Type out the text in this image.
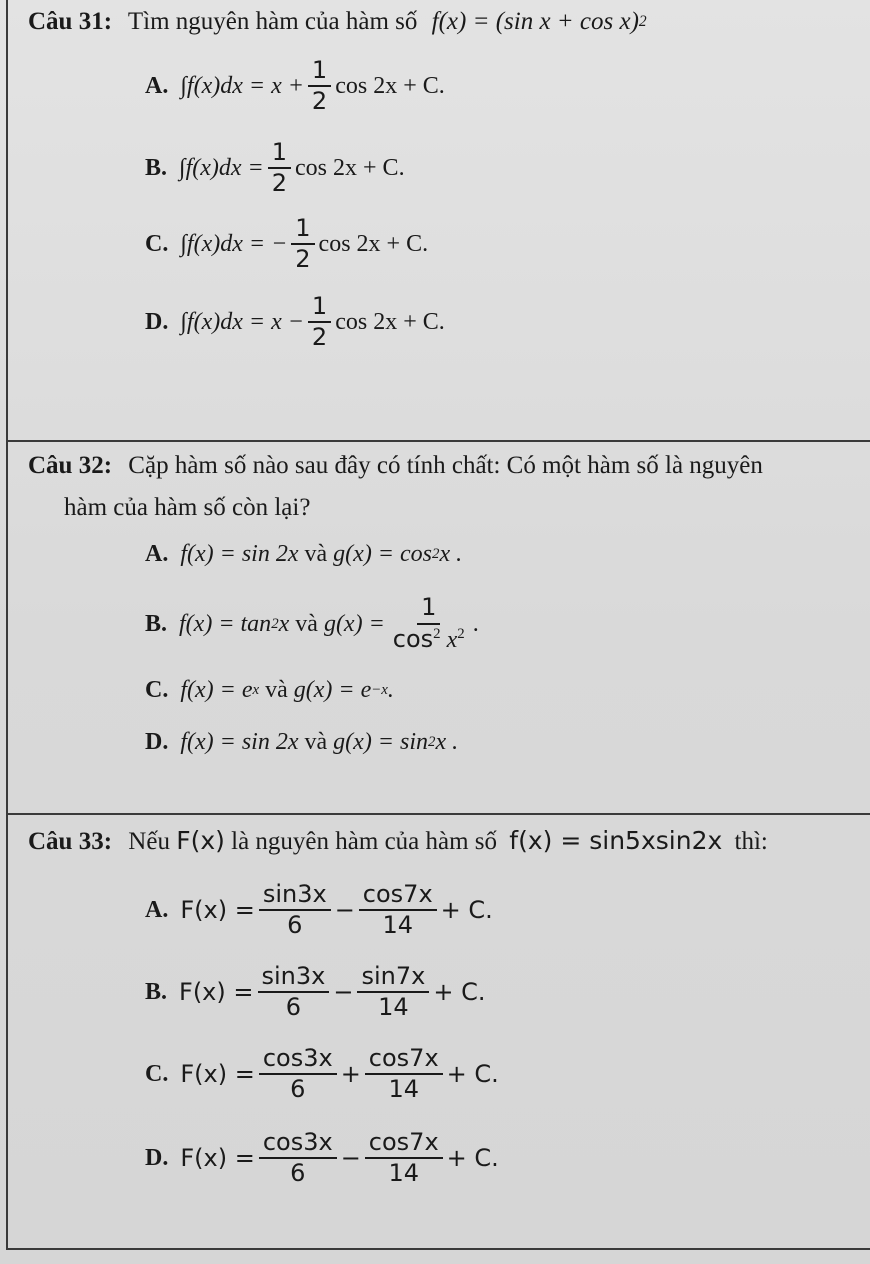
Câu 31: Tìm nguyên hàm của hàm số f(x) = (sin x + cos x) 2
A. $\int f(x)dx = x + \frac{1}{2}$ cos 2x + C.
B. $\int f(x)dx = \frac{1}{2}$ cos 2x + C.
C. ∫f(x)dx = − $\frac{1}{2}$ cos 2x + C.
D. $\int f(x)dx = x - \frac{1}{2}$ cos 2x + C.
Câu 32: Cặp hàm số nào sau đây có tính chất: Có một hàm số là nguyên
hàm của hàm số còn lại?
A. f(x) = sin 2x và g(x) = cos 2 x .
B. f(x) = tan 2 x và $g(x) = \frac{1}{\cos^2 x^2}$ .
C. f(x) = e x và g(x) = e −x .
D. f(x) = sin 2x và g(x) = sin 2 x .
Câu 33: Nếu F(x) là nguyên hàm của hàm số f(x) = sin5xsin2x thì:
A. $F(x) = \frac{\sin 3x}{6} - \frac{\cos 7x}{14} + C$.
B. $F(x) = \frac{\sin 3x}{6} - \frac{\sin 7x}{14} + C$.
C. $F(x) = \frac{\cos 3x}{6} + \frac{\cos 7x}{14} + C$.
D. $F(x) = \frac{\cos 3x}{6} - \frac{\cos 7x}{14} + C$.
